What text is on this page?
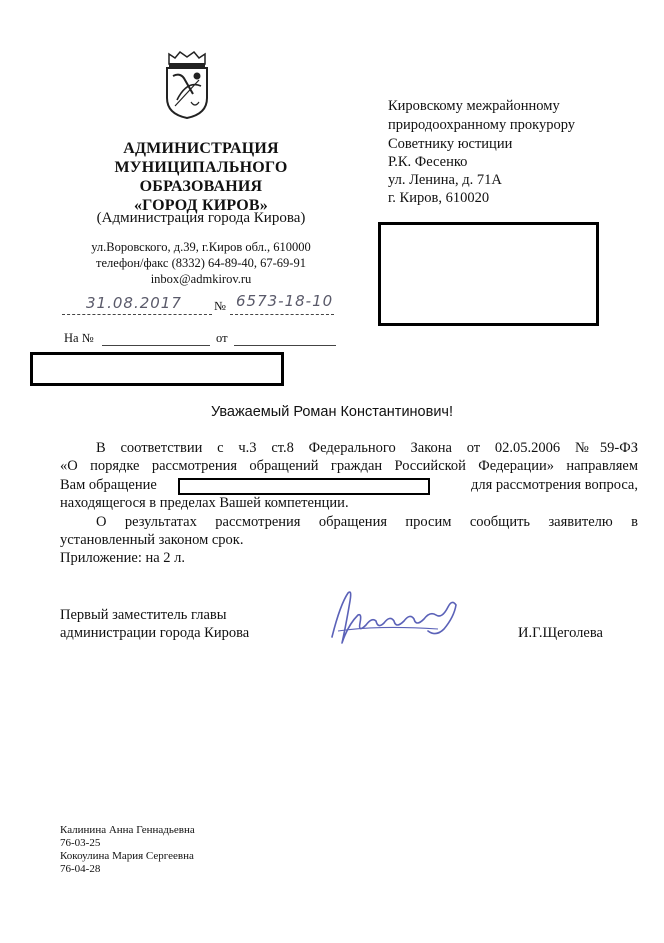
АДМИНИСТРАЦИЯ
МУНИЦИПАЛЬНОГО
ОБРАЗОВАНИЯ
«ГОРОД КИРОВ»
(Администрация города Кирова)
ул.Воровского, д.39, г.Киров обл., 610000
телефон/факс (8332) 64-89-40, 67-69-91
inbox@admkirov.ru
31.08.2017	№ 6573-18-10
На №	от
Кировскому межрайонному
природоохранному прокурору
Советнику юстиции
Р.К. Фесенко
ул. Ленина, д. 71А
г. Киров, 610020
Уважаемый Роман Константинович!
В соответствии с ч.3 ст.8 Федерального Закона от 02.05.2006 №59-ФЗ
«О порядке рассмотрения обращений граждан Российской Федерации» направляем
Вам обращение	для рассмотрения вопроса,
находящегося в пределах Вашей компетенции.
О результатах рассмотрения обращения просим сообщить заявителю в
установленный законом срок.
Приложение: на 2 л.
Первый заместитель главы
администрации города Кирова	И.Г.Щеголева
Калинина Анна Геннадьевна
76-03-25
Кокоулина Мария Сергеевна
76-04-28
